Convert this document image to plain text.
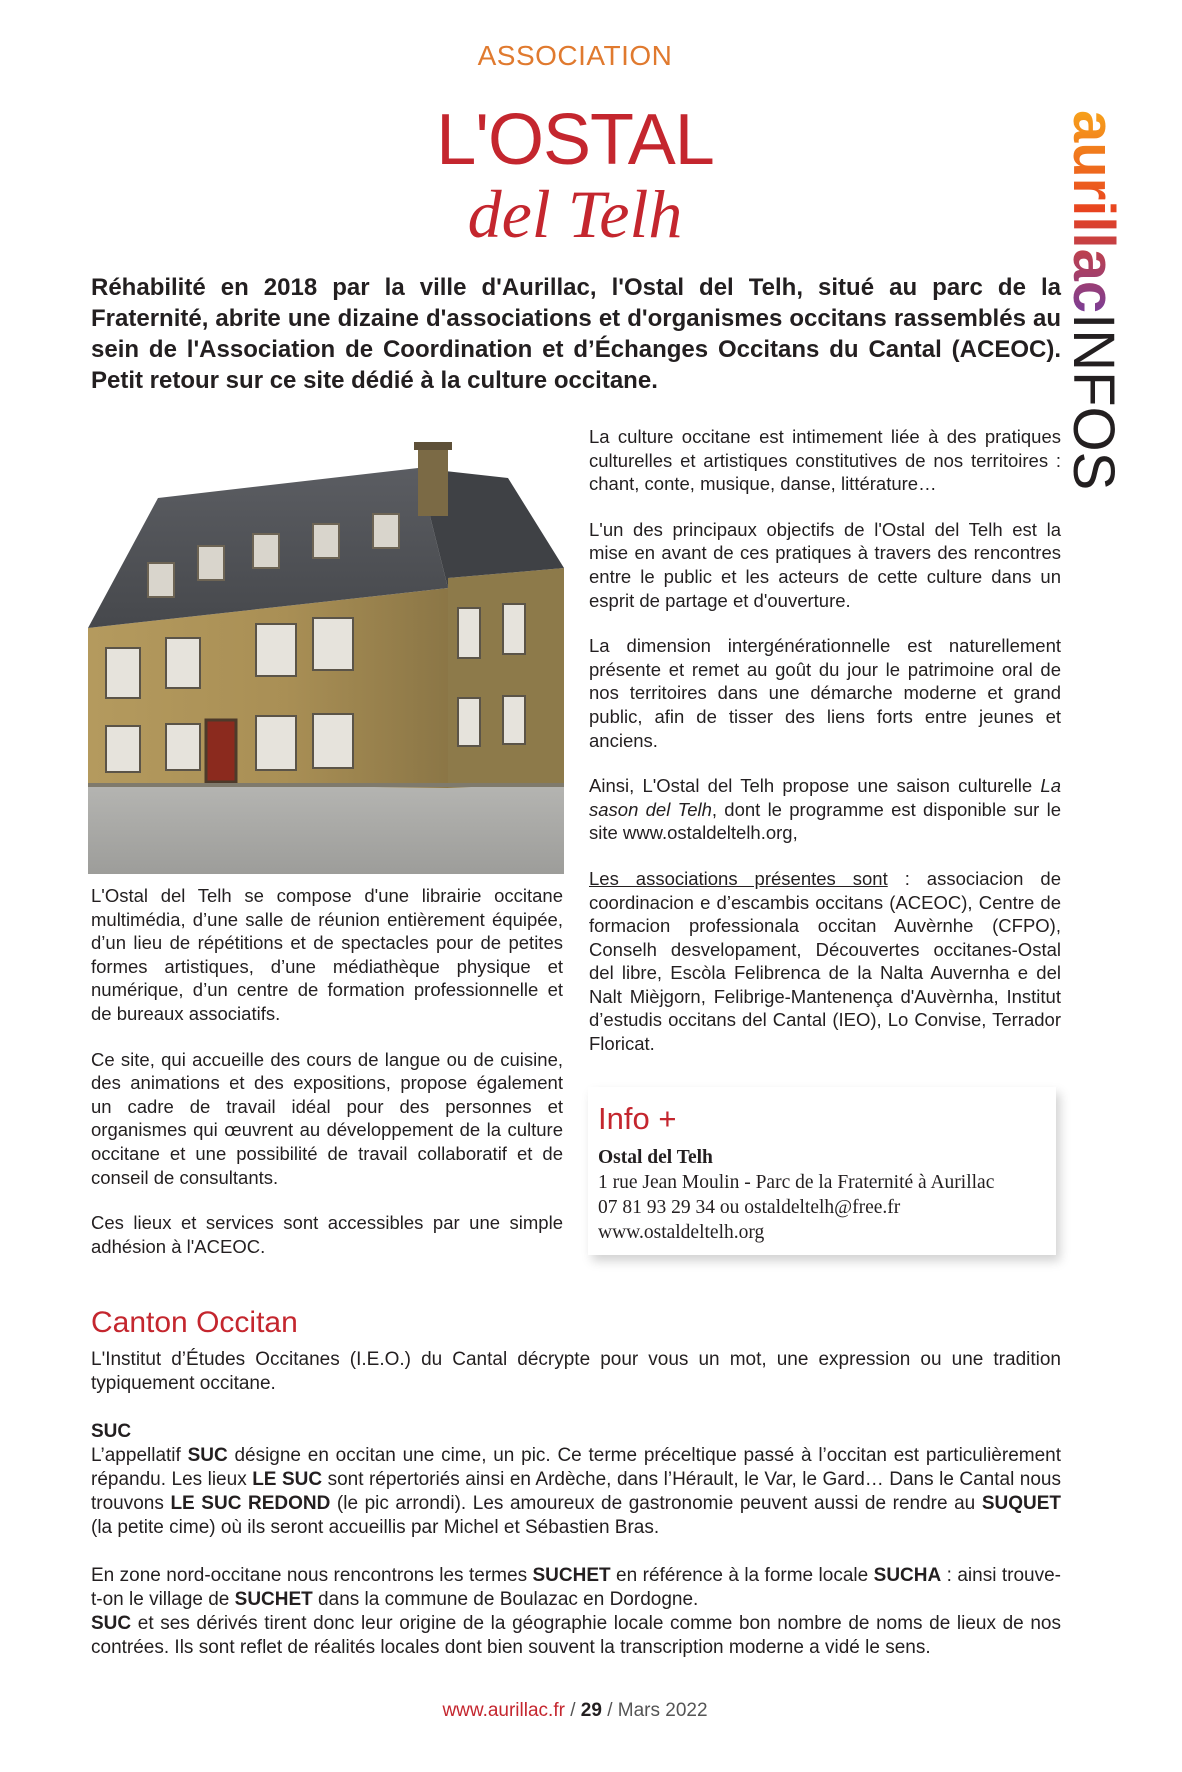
ASSOCIATION
L'OSTAL
del Telh	aurillacINFOS
Réhabilité en 2018 par la ville d'Aurillac, l'Ostal del Telh, situé au parc de la Fraternité, abrite une dizaine d'associations et d'organismes occitans rassemblés au sein de l'Association de Coordination et d’Échanges Occitans du Cantal (ACEOC). Petit retour sur ce site dédié à la culture occitane.

L'Ostal del Telh se compose d'une librairie occitane multimédia, d’une salle de réunion entièrement équipée, d’un lieu de répétitions et de spectacles pour de petites formes artistiques, d’une médiathèque physique et numérique, d’un centre de formation professionnelle et de bureaux associatifs.

Ce site, qui accueille des cours de langue ou de cuisine, des animations et des expositions, propose également un cadre de travail idéal pour des personnes et organismes qui œuvrent au développement de la culture occitane et une possibilité de travail collaboratif et de conseil de consultants.

Ces lieux et services sont accessibles par une simple adhésion à l'ACEOC.

La culture occitane est intimement liée à des pratiques culturelles et artistiques constitutives de nos territoires : chant, conte, musique, danse, littérature…

L'un des principaux objectifs de l'Ostal del Telh est la mise en avant de ces pratiques à travers des rencontres entre le public et les acteurs de cette culture dans un esprit de partage et d'ouverture.

La dimension intergénérationnelle est naturellement présente et remet au goût du jour le patrimoine oral de nos territoires dans une démarche moderne et grand public, afin de tisser des liens forts entre jeunes et anciens.

Ainsi, L'Ostal del Telh propose une saison culturelle La sason del Telh, dont le programme est disponible sur le site www.ostaldeltelh.org,

Les associations présentes sont : associacion de coordinacion e d’escambis occitans (ACEOC), Centre de formacion professionala occitan Auvèrnhe (CFPO), Conselh desvelopament, Découvertes occitanes-Ostal del libre, Escòla Felibrenca de la Nalta Auvernha e del Nalt Mièjgorn, Felibrige-Mantenença d'Auvèrnha, Institut d’estudis occitans del Cantal (IEO), Lo Convise, Terrador Floricat.

Info +
Ostal del Telh
1 rue Jean Moulin - Parc de la Fraternité à Aurillac
07 81 93 29 34 ou ostaldeltelh@free.fr
www.ostaldeltelh.org
Canton Occitan

L'Institut d’Études Occitanes (I.E.O.) du Cantal décrypte pour vous un mot, une expression ou une tradition typiquement occitane.

SUC

L’appellatif SUC désigne en occitan une cime, un pic. Ce terme préceltique passé à l’occitan est particulièrement répandu. Les lieux LE SUC sont répertoriés ainsi en Ardèche, dans l’Hérault, le Var, le Gard… Dans le Cantal nous trouvons LE SUC REDOND (le pic arrondi). Les amoureux de gastronomie peuvent aussi de rendre au SUQUET (la petite cime) où ils seront accueillis par Michel et Sébastien Bras.

En zone nord-occitane nous rencontrons les termes SUCHET en référence à la forme locale SUCHA : ainsi trouve-t-on le village de SUCHET dans la commune de Boulazac en Dordogne.

SUC et ses dérivés tirent donc leur origine de la géographie locale comme bon nombre de noms de lieux de nos contrées. Ils sont reflet de réalités locales dont bien souvent la transcription moderne a vidé le sens.

www.aurillac.fr / 29 / Mars 2022
